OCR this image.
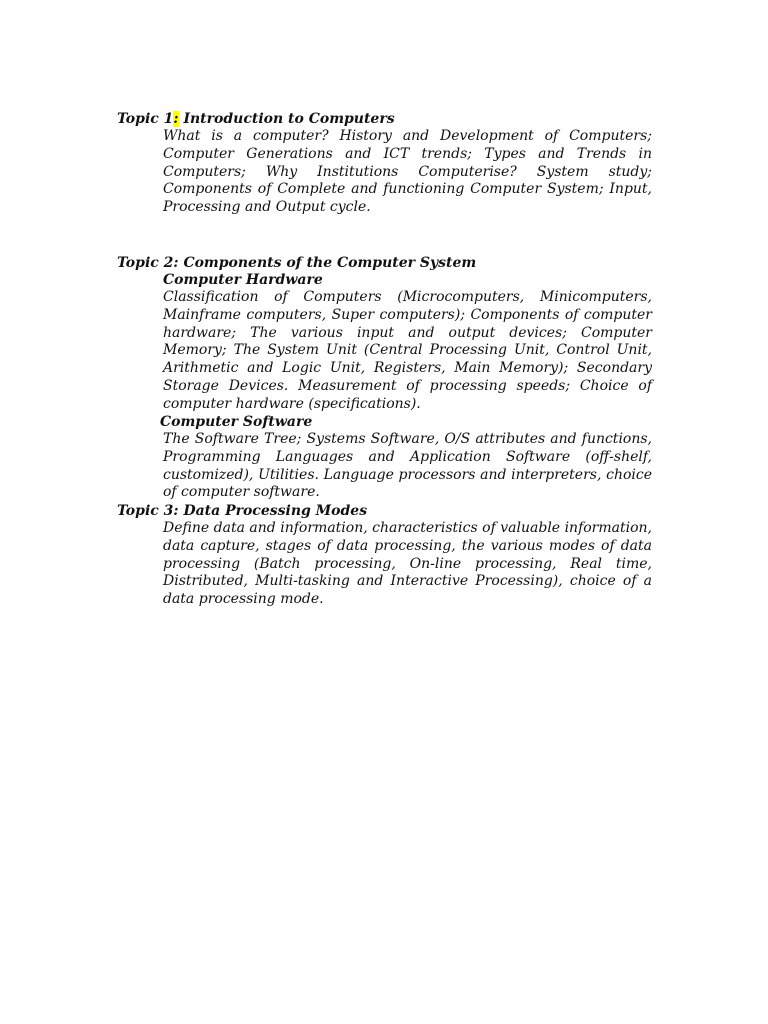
Topic 1: Introduction to Computers

What is a computer? History and Development of Computers; Computer Generations and ICT trends; Types and Trends in Computers; Why Institutions Computerise? System study; Components of Complete and functioning Computer System; Input, Processing and Output cycle.

Topic 2: Components of the Computer System

Computer Hardware

Classification of Computers (Microcomputers, Minicomputers, Mainframe computers, Super computers); Components of computer hardware; The various input and output devices; Computer Memory; The System Unit (Central Processing Unit, Control Unit, Arithmetic and Logic Unit, Registers, Main Memory); Secondary Storage Devices. Measurement of processing speeds; Choice of computer hardware (specifications).

Computer Software

The Software Tree; Systems Software, O/S attributes and functions, Programming Languages and Application Software (off-shelf, customized), Utilities. Language processors and interpreters, choice of computer software.

Topic 3: Data Processing Modes

Define data and information, characteristics of valuable information, data capture, stages of data processing, the various modes of data processing (Batch processing, On-line processing, Real time, Distributed, Multi-tasking and Interactive Processing), choice of a data processing mode.
